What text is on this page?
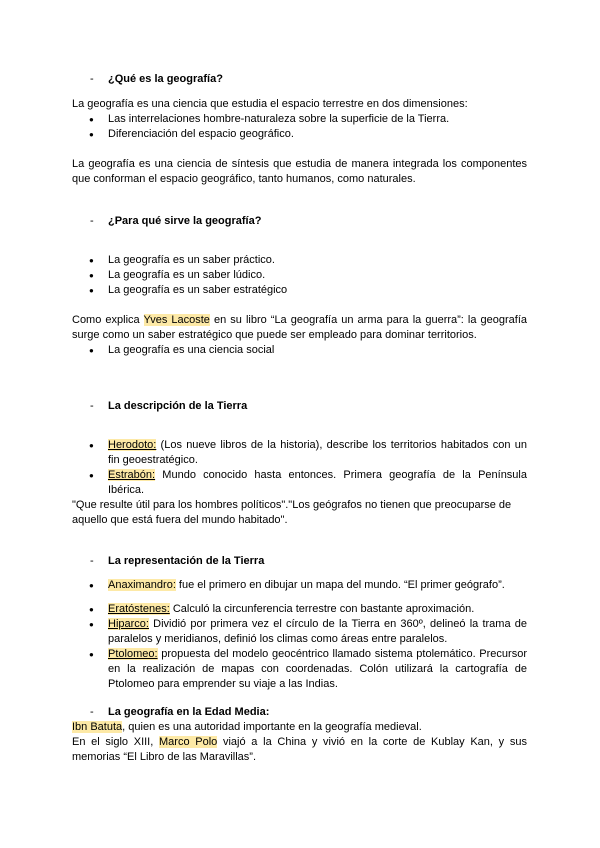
- ¿Qué es la geografía?

La geografía es una ciencia que estudia el espacio terrestre en dos dimensiones:

● Las interrelaciones hombre-naturaleza sobre la superficie de la Tierra.
● Diferenciación del espacio geográfico.

La geografía es una ciencia de síntesis que estudia de manera integrada los componentes que conforman el espacio geográfico, tanto humanos, como naturales.

- ¿Para qué sirve la geografía?
● La geografía es un saber práctico.
● La geografía es un saber lúdico.
● La geografía es un saber estratégico

Como explica Yves Lacoste en su libro “La geografía un arma para la guerra”: la geografía surge como un saber estratégico que puede ser empleado para dominar territorios.

● La geografía es una ciencia social
- La descripción de la Tierra
● Herodoto: (Los nueve libros de la historia), describe los territorios habitados con un fin geoestratégico.
● Estrabón: Mundo conocido hasta entonces. Primera geografía de la Península Ibérica.

"Que resulte útil para los hombres políticos"."Los geógrafos no tienen que preocuparse de aquello que está fuera del mundo habitado".

- La representación de la Tierra
● Anaximandro: fue el primero en dibujar un mapa del mundo. “El primer geógrafo”.
● Eratóstenes: Calculó la circunferencia terrestre con bastante aproximación.
● Hiparco: Dividió por primera vez el círculo de la Tierra en 360º, delineó la trama de paralelos y meridianos, definió los climas como áreas entre paralelos.
● Ptolomeo: propuesta del modelo geocéntrico llamado sistema ptolemático. Precursor en la realización de mapas con coordenadas. Colón utilizará la cartografía de Ptolomeo para emprender su viaje a las Indias.
- La geografía en la Edad Media:

Ibn Batuta, quien es una autoridad importante en la geografía medieval.

En el siglo XIII, Marco Polo viajó a la China y vivió en la corte de Kublay Kan, y sus memorias “El Libro de las Maravillas”.
